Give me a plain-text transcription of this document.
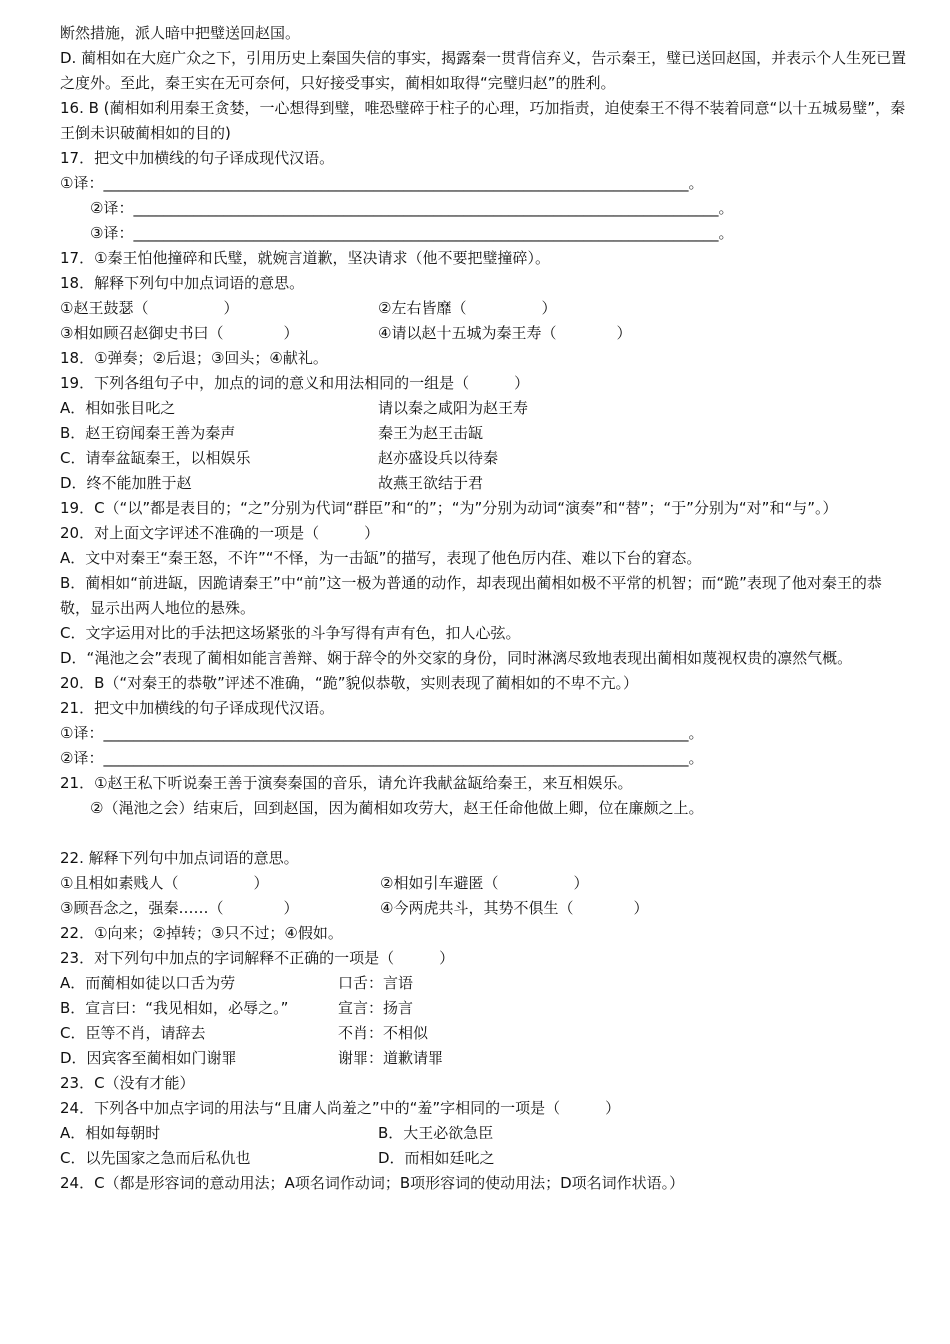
断然措施，派人暗中把璧送回赵国。
D. 蔺相如在大庭广众之下，引用历史上秦国失信的事实，揭露秦一贯背信弃义，告示秦王，璧已送回赵国，并表示个人生死已置之度外。至此，秦王实在无可奈何，只好接受事实，蔺相如取得“完璧归赵”的胜利。
16. B (蔺相如利用秦王贪婪，一心想得到璧，唯恐璧碎于柱子的心理，巧加指责，迫使秦王不得不装着同意“以十五城易璧”，秦王倒未识破蔺相如的目的)
17．把文中加横线的句子译成现代汉语。
①译：______________________________________________________________________________。
②译：______________________________________________________________________________。
③译：______________________________________________________________________________。
17．①秦王怕他撞碎和氏璧，就婉言道歉，坚决请求（他不要把璧撞碎）。
18．解释下列句中加点词语的意思。
①赵王鼓瑟（　　　　　）	②左右皆靡（　　　　　）
③相如顾召赵御史书曰（　　　　）	④请以赵十五城为秦王寿（　　　　）
18．①弹奏；②后退；③回头；④献礼。
19．下列各组句子中，加点的词的意义和用法相同的一组是（　　　）
A．相如张目叱之	请以秦之咸阳为赵王寿
B．赵王窃闻秦王善为秦声	秦王为赵王击缻
C．请奉盆缻秦王，以相娱乐	赵亦盛设兵以待秦
D．终不能加胜于赵	故燕王欲结于君
19．C（“以”都是表目的；“之”分别为代词“群臣”和“的”；“为”分别为动词“演奏”和“替”；“于”分别为“对”和“与”。）
20．对上面文字评述不准确的一项是（　　　）
A．文中对秦王“秦王怒，不许”“不怿，为一击缻”的描写，表现了他色厉内荏、难以下台的窘态。
B．蔺相如“前进缻，因跪请秦王”中“前”这一极为普通的动作，却表现出蔺相如极不平常的机智；而“跪”表现了他对秦王的恭敬，显示出两人地位的悬殊。
C．文字运用对比的手法把这场紧张的斗争写得有声有色，扣人心弦。
D．“渑池之会”表现了蔺相如能言善辩、娴于辞令的外交家的身份，同时淋漓尽致地表现出蔺相如蔑视权贵的凛然气概。
20．B（“对秦王的恭敬”评述不准确，“跪”貌似恭敬，实则表现了蔺相如的不卑不亢。）
21．把文中加横线的句子译成现代汉语。
①译：______________________________________________________________________________。
②译：______________________________________________________________________________。
21．①赵王私下听说秦王善于演奏秦国的音乐，请允许我献盆缻给秦王，来互相娱乐。
②（渑池之会）结束后，回到赵国，因为蔺相如攻劳大，赵王任命他做上卿，位在廉颇之上。
22. 解释下列句中加点词语的意思。
①且相如素贱人（　　　　　）	②相如引车避匿（　　　　　）
③顾吾念之，强秦……（　　　　）	④今两虎共斗，其势不俱生（　　　　）
22．①向来；②掉转；③只不过；④假如。
23．对下列句中加点的字词解释不正确的一项是（　　　）
A．而蔺相如徒以口舌为劳	口舌：言语
B．宣言曰：“我见相如，必辱之。”	宣言：扬言
C．臣等不肖，请辞去	不肖：不相似
D．因宾客至蔺相如门谢罪	谢罪：道歉请罪
23．C（没有才能）
24．下列各中加点字词的用法与“且庸人尚羞之”中的“羞”字相同的一项是（　　　）
A．相如每朝时	B．大王必欲急臣
C．以先国家之急而后私仇也	D．而相如廷叱之
24．C（都是形容词的意动用法；A项名词作动词；B项形容词的使动用法；D项名词作状语。）
